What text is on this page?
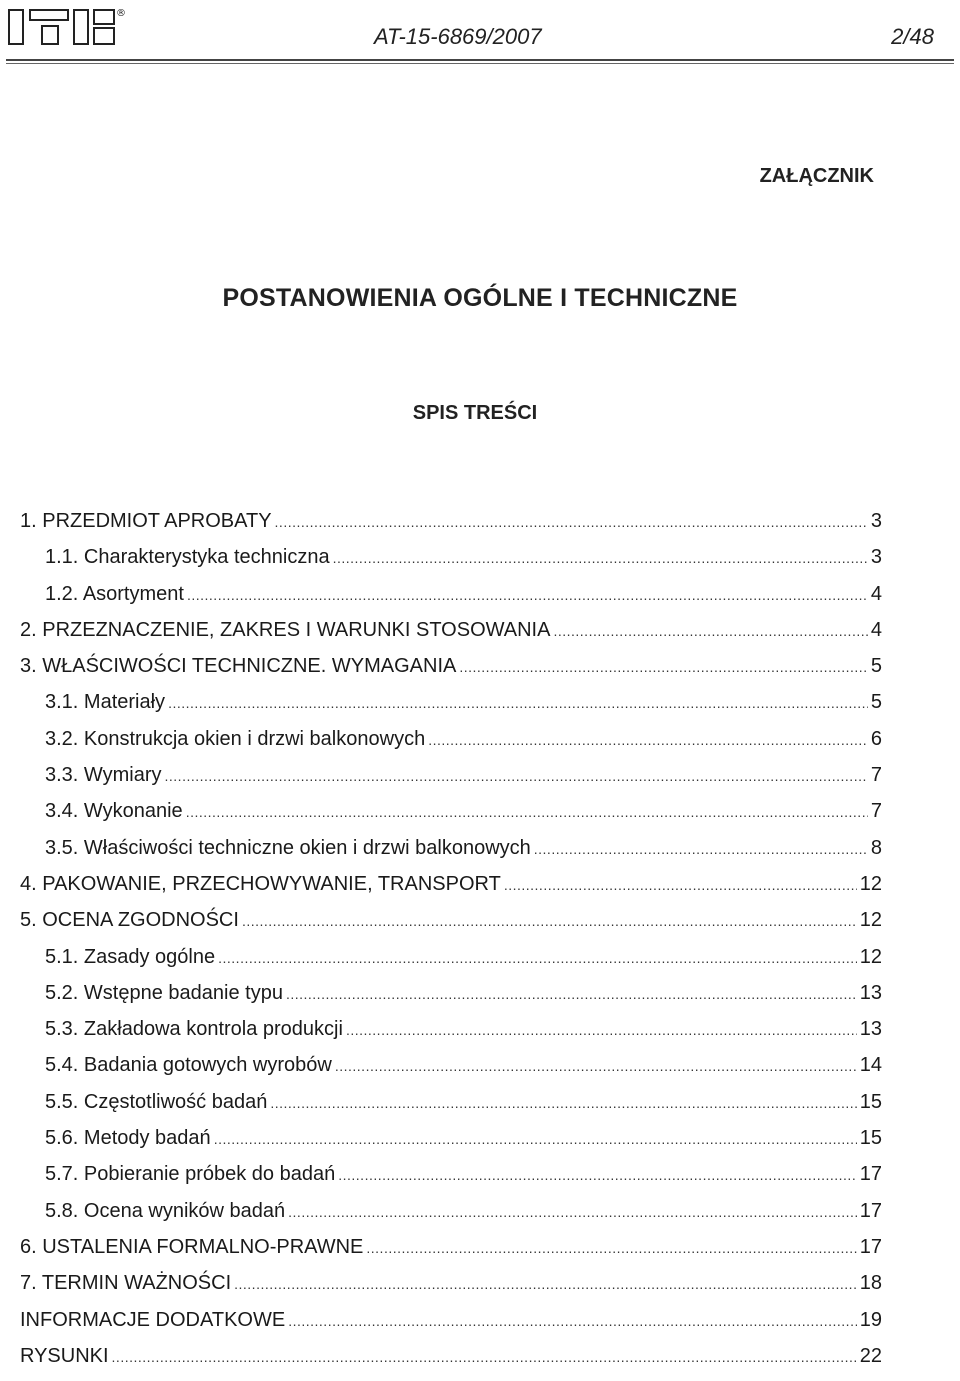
®
AT-15-6869/2007	2/48
ZAŁĄCZNIK
POSTANOWIENIA OGÓLNE I TECHNICZNE
SPIS TREŚCI
1. PRZEDMIOT APROBATY .....	3
1.1. Charakterystyka techniczna .....	3
1.2. Asortyment .....	4
2. PRZEZNACZENIE, ZAKRES I WARUNKI STOSOWANIA .....	4
3. WŁAŚCIWOŚCI TECHNICZNE. WYMAGANIA .....	5
3.1. Materiały .....	5
3.2. Konstrukcja okien i drzwi balkonowych .....	6
3.3. Wymiary .....	7
3.4. Wykonanie .....	7
3.5. Właściwości techniczne okien i drzwi balkonowych .....	8
4. PAKOWANIE, PRZECHOWYWANIE, TRANSPORT .....	12
5. OCENA ZGODNOŚCI .....	12
5.1. Zasady ogólne .....	12
5.2. Wstępne badanie typu .....	13
5.3. Zakładowa kontrola produkcji .....	13
5.4. Badania gotowych wyrobów .....	14
5.5. Częstotliwość badań .....	15
5.6. Metody badań .....	15
5.7. Pobieranie próbek do badań .....	17
5.8. Ocena wyników badań .....	17
6. USTALENIA FORMALNO-PRAWNE .....	17
7. TERMIN WAŻNOŚCI .....	18
INFORMACJE DODATKOWE .....	19
RYSUNKI .....	22
